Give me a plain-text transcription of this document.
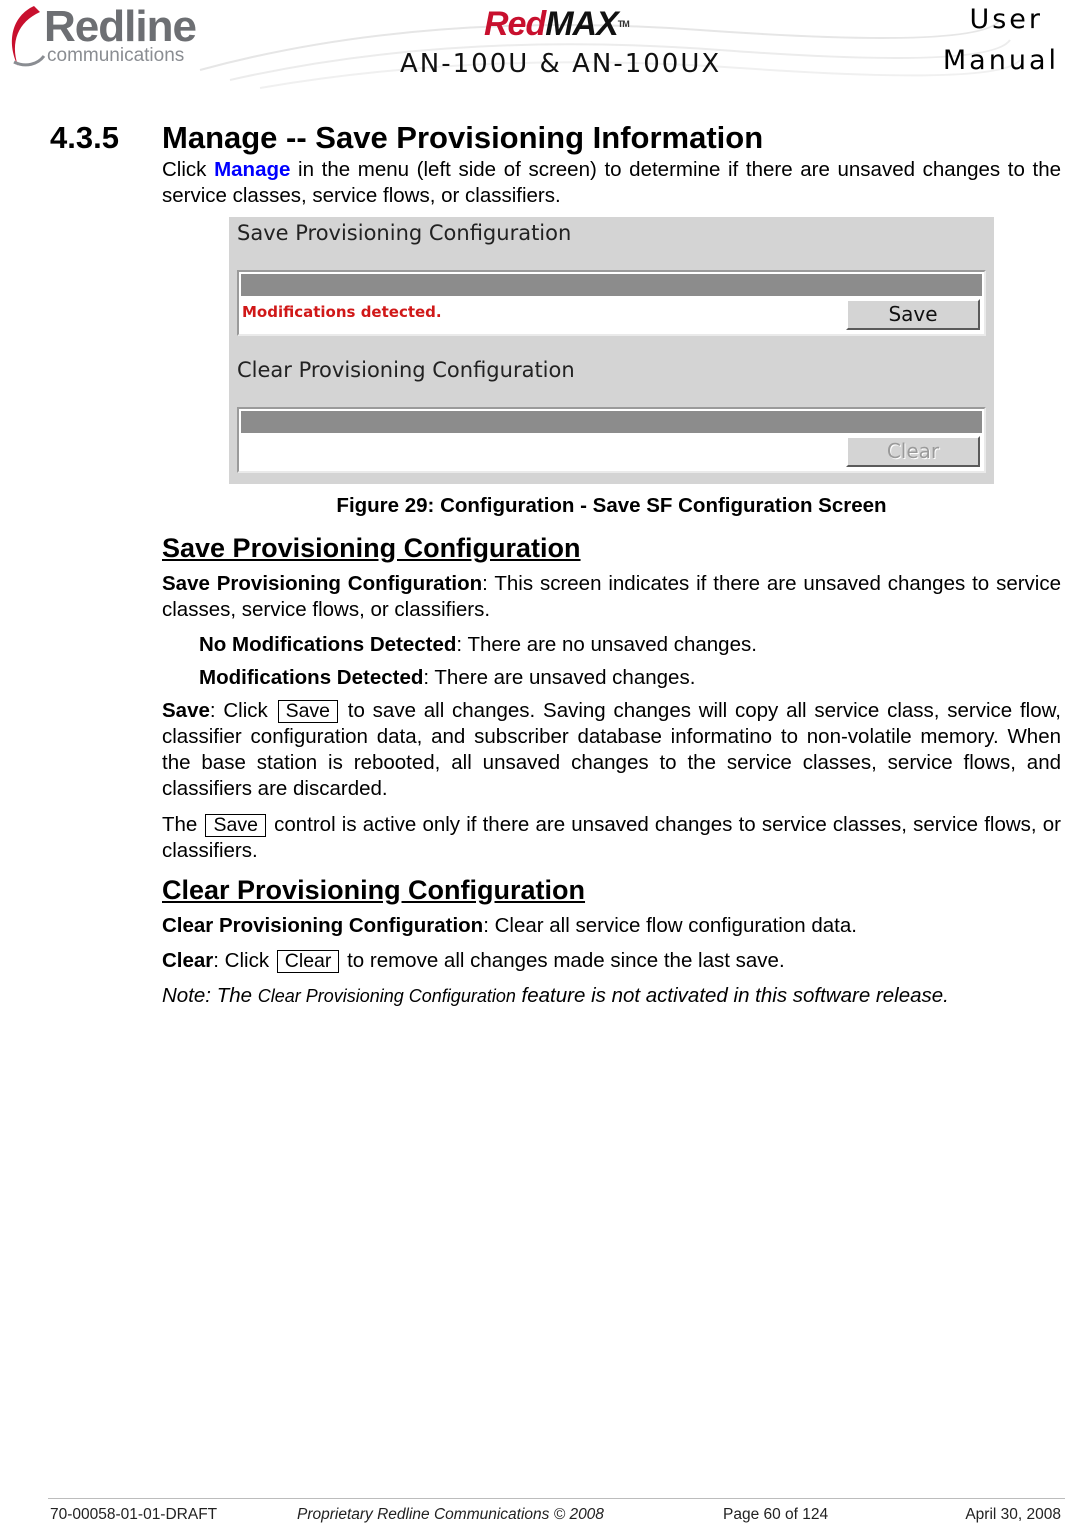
Redline
communications
RedMAX™
AN-100U & AN-100UX
User
Manual
4.3.5 Manage -- Save Provisioning Information
Click Manage in the menu (left side of screen) to determine if there are unsaved changes to the service classes, service flows, or classifiers.
Save Provisioning Configuration
Modifications detected.	Save
Clear Provisioning Configuration
Clear
Figure 29: Configuration - Save SF Configuration Screen
Save Provisioning Configuration
Save Provisioning Configuration: This screen indicates if there are unsaved changes to service classes, service flows, or classifiers.
No Modifications Detected: There are no unsaved changes.
Modifications Detected: There are unsaved changes.
Save: Click Save to save all changes. Saving changes will copy all service class, service flow, classifier configuration data, and subscriber database informatino to non-volatile memory. When the base station is rebooted, all unsaved changes to the service classes, service flows, and classifiers are discarded.
The Save control is active only if there are unsaved changes to service classes, service flows, or classifiers.
Clear Provisioning Configuration
Clear Provisioning Configuration: Clear all service flow configuration data.
Clear: Click Clear to remove all changes made since the last save.
Note: The Clear Provisioning Configuration feature is not activated in this software release.
70-00058-01-01-DRAFT	Proprietary Redline Communications © 2008	Page 60 of 124	April 30, 2008
